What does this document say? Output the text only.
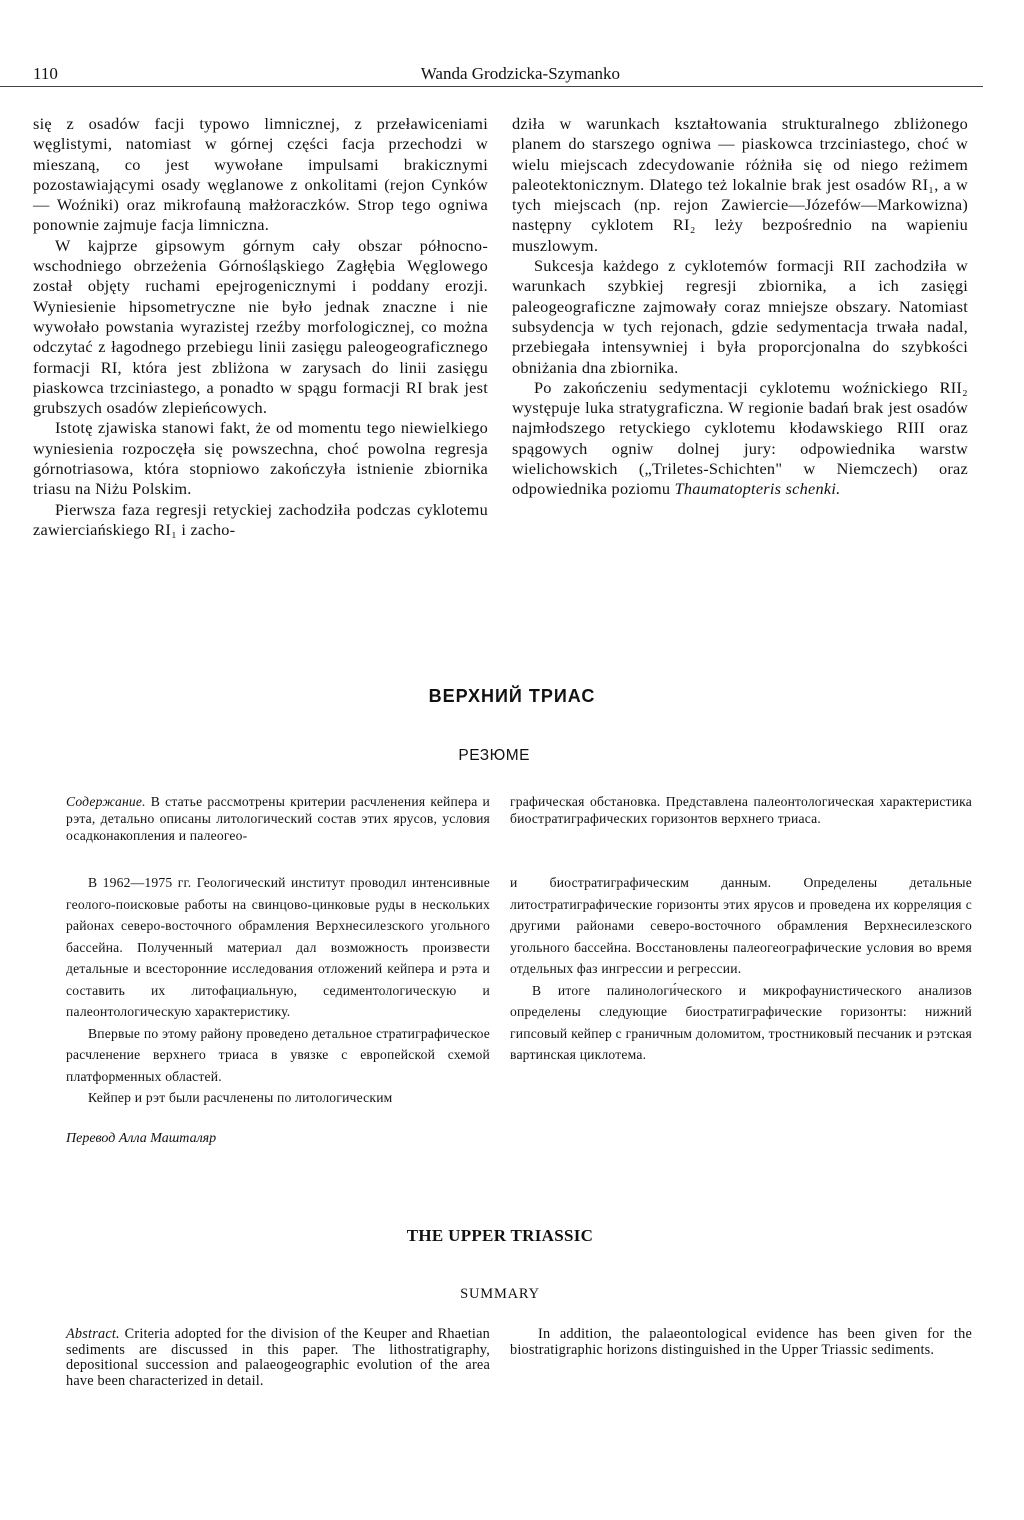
110	Wanda Grodzicka-Szymanko

się z osadów facji typowo limnicznej, z przeławiceniami węglistymi, natomiast w górnej części facja przechodzi w mieszaną, co jest wywołane impulsami brakicznymi pozostawiającymi osady węglanowe z onkolitami (rejon Cynków — Woźniki) oraz mikrofauną małżoraczków. Strop tego ogniwa ponownie zajmuje facja limniczna.

W kajprze gipsowym górnym cały obszar północno-wschodniego obrzeżenia Górnośląskiego Zagłębia Węglowego został objęty ruchami epejrogenicznymi i poddany erozji. Wyniesienie hipsometryczne nie było jednak znaczne i nie wywołało powstania wyrazistej rzeźby morfologicznej, co można odczytać z łagodnego przebiegu linii zasięgu paleogeograficznego formacji RI, która jest zbliżona w zarysach do linii zasięgu piaskowca trzciniastego, a ponadto w spągu formacji RI brak jest grubszych osadów zlepieńcowych.

Istotę zjawiska stanowi fakt, że od momentu tego niewielkiego wyniesienia rozpoczęła się powszechna, choć powolna regresja górnotriasowa, która stopniowo zakończyła istnienie zbiornika triasu na Niżu Polskim.

Pierwsza faza regresji retyckiej zachodziła podczas cyklotemu zawierciańskiego RI₁ i zacho-

dziła w warunkach kształtowania strukturalnego zbliżonego planem do starszego ogniwa — piaskowca trzciniastego, choć w wielu miejscach zdecydowanie różniła się od niego reżimem paleotektonicznym. Dlatego też lokalnie brak jest osadów RI₁, a w tych miejscach (np. rejon Zawiercie—Józefów—Markowizna) następny cyklotem RI₂ leży bezpośrednio na wapieniu muszlowym.

Sukcesja każdego z cyklotemów formacji RII zachodziła w warunkach szybkiej regresji zbiornika, a ich zasięgi paleogeograficzne zajmowały coraz mniejsze obszary. Natomiast subsydencja w tych rejonach, gdzie sedymentacja trwała nadal, przebiegała intensywniej i była proporcjonalna do szybkości obniżania dna zbiornika.

Po zakończeniu sedymentacji cyklotemu woźnickiego RII₂ występuje luka stratygraficzna. W regionie badań brak jest osadów najmłodszego retyckiego cyklotemu kłodawskiego RIII oraz spągowych ogniw dolnej jury: odpowiednika warstw wielichowskich („Triletes-Schichten" w Niemczech) oraz odpowiednika poziomu Thaumatopteris schenki.

ВЕРХНИЙ ТРИАС
РЕЗЮМЕ

Содержание. В статье рассмотрены критерии расчленения кейпера и рэта, детально описаны литологический состав этих ярусов, условия осадконакопления и палеогео-

графическая обстановка. Представлена палеонтологическая характеристика биостратиграфических горизонтов верхнего триаса.

В 1962—1975 гг. Геологический институт проводил интенсивные геолого-поисковые работы на свинцово-цинковые руды в нескольких районах северо-восточного обрамления Верхнесилезского угольного бассейна. Полученный материал дал возможность произвести детальные и всесторонние исследования отложений кейпера и рэта и составить их литофациальную, седиментологическую и палеонтологическую характеристику.

Впервые по этому району проведено детальное стратиграфическое расчленение верхнего триаса в увязке с европейской схемой платформенных областей.

Кейпер и рэт были расчленены по литологическим

и биостратиграфическим данным. Определены детальные литостратиграфические горизонты этих ярусов и проведена их корреляция с другими районами северо-восточного обрамления Верхнесилезского угольного бассейна. Восстановлены палеогеографические условия во время отдельных фаз ингрессии и регрессии.

В итоге палинологи́ческого и микрофаунистического анализов определены следующие биостратиграфические горизонты: нижний гипсовый кейпер с граничным доломитом, тростниковый песчаник и рэтская вартинская циклотема.

Перевод Алла Машталяр
THE UPPER TRIASSIC
SUMMARY

Abstract. Criteria adopted for the division of the Keuper and Rhaetian sediments are discussed in this paper. The lithostratigraphy, depositional succession and palaeogeographic evolution of the area have been characterized in detail.

In addition, the palaeontological evidence has been given for the biostratigraphic horizons distinguished in the Upper Triassic sediments.
